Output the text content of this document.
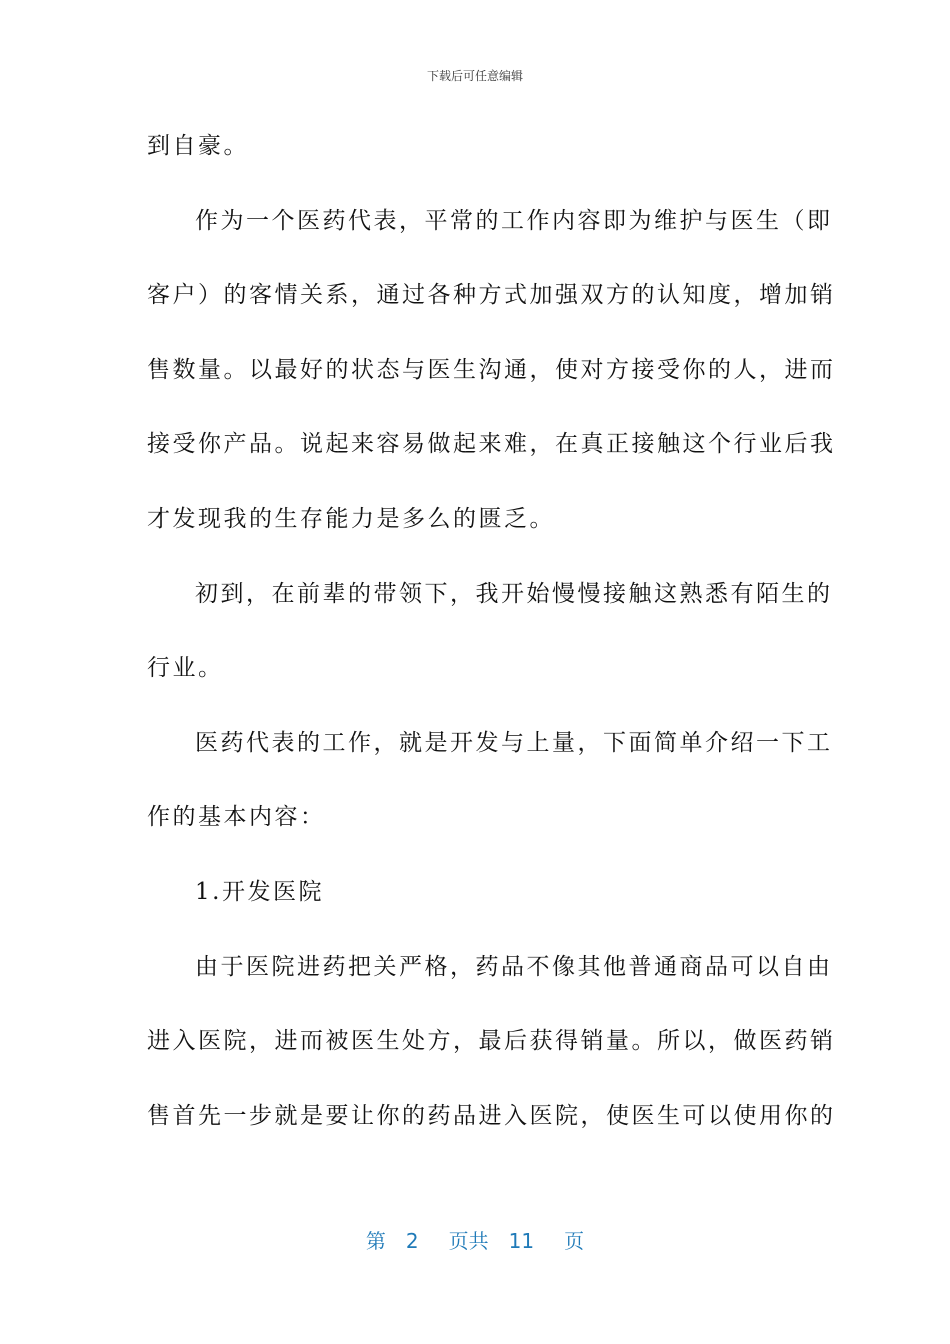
下载后可任意编辑
到自豪。
作为一个医药代表，平常的工作内容即为维护与医生（即
客户）的客情关系，通过各种方式加强双方的认知度，增加销
售数量。以最好的状态与医生沟通，使对方接受你的人，进而
接受你产品。说起来容易做起来难，在真正接触这个行业后我
才发现我的生存能力是多么的匮乏。
初到，在前辈的带领下，我开始慢慢接触这熟悉有陌生的
行业。
医药代表的工作，就是开发与上量，下面简单介绍一下工
作的基本内容：
1.开发医院
由于医院进药把关严格，药品不像其他普通商品可以自由
进入医院，进而被医生处方，最后获得销量。所以，做医药销
售首先一步就是要让你的药品进入医院，使医生可以使用你的
第 2 页共 11 页
